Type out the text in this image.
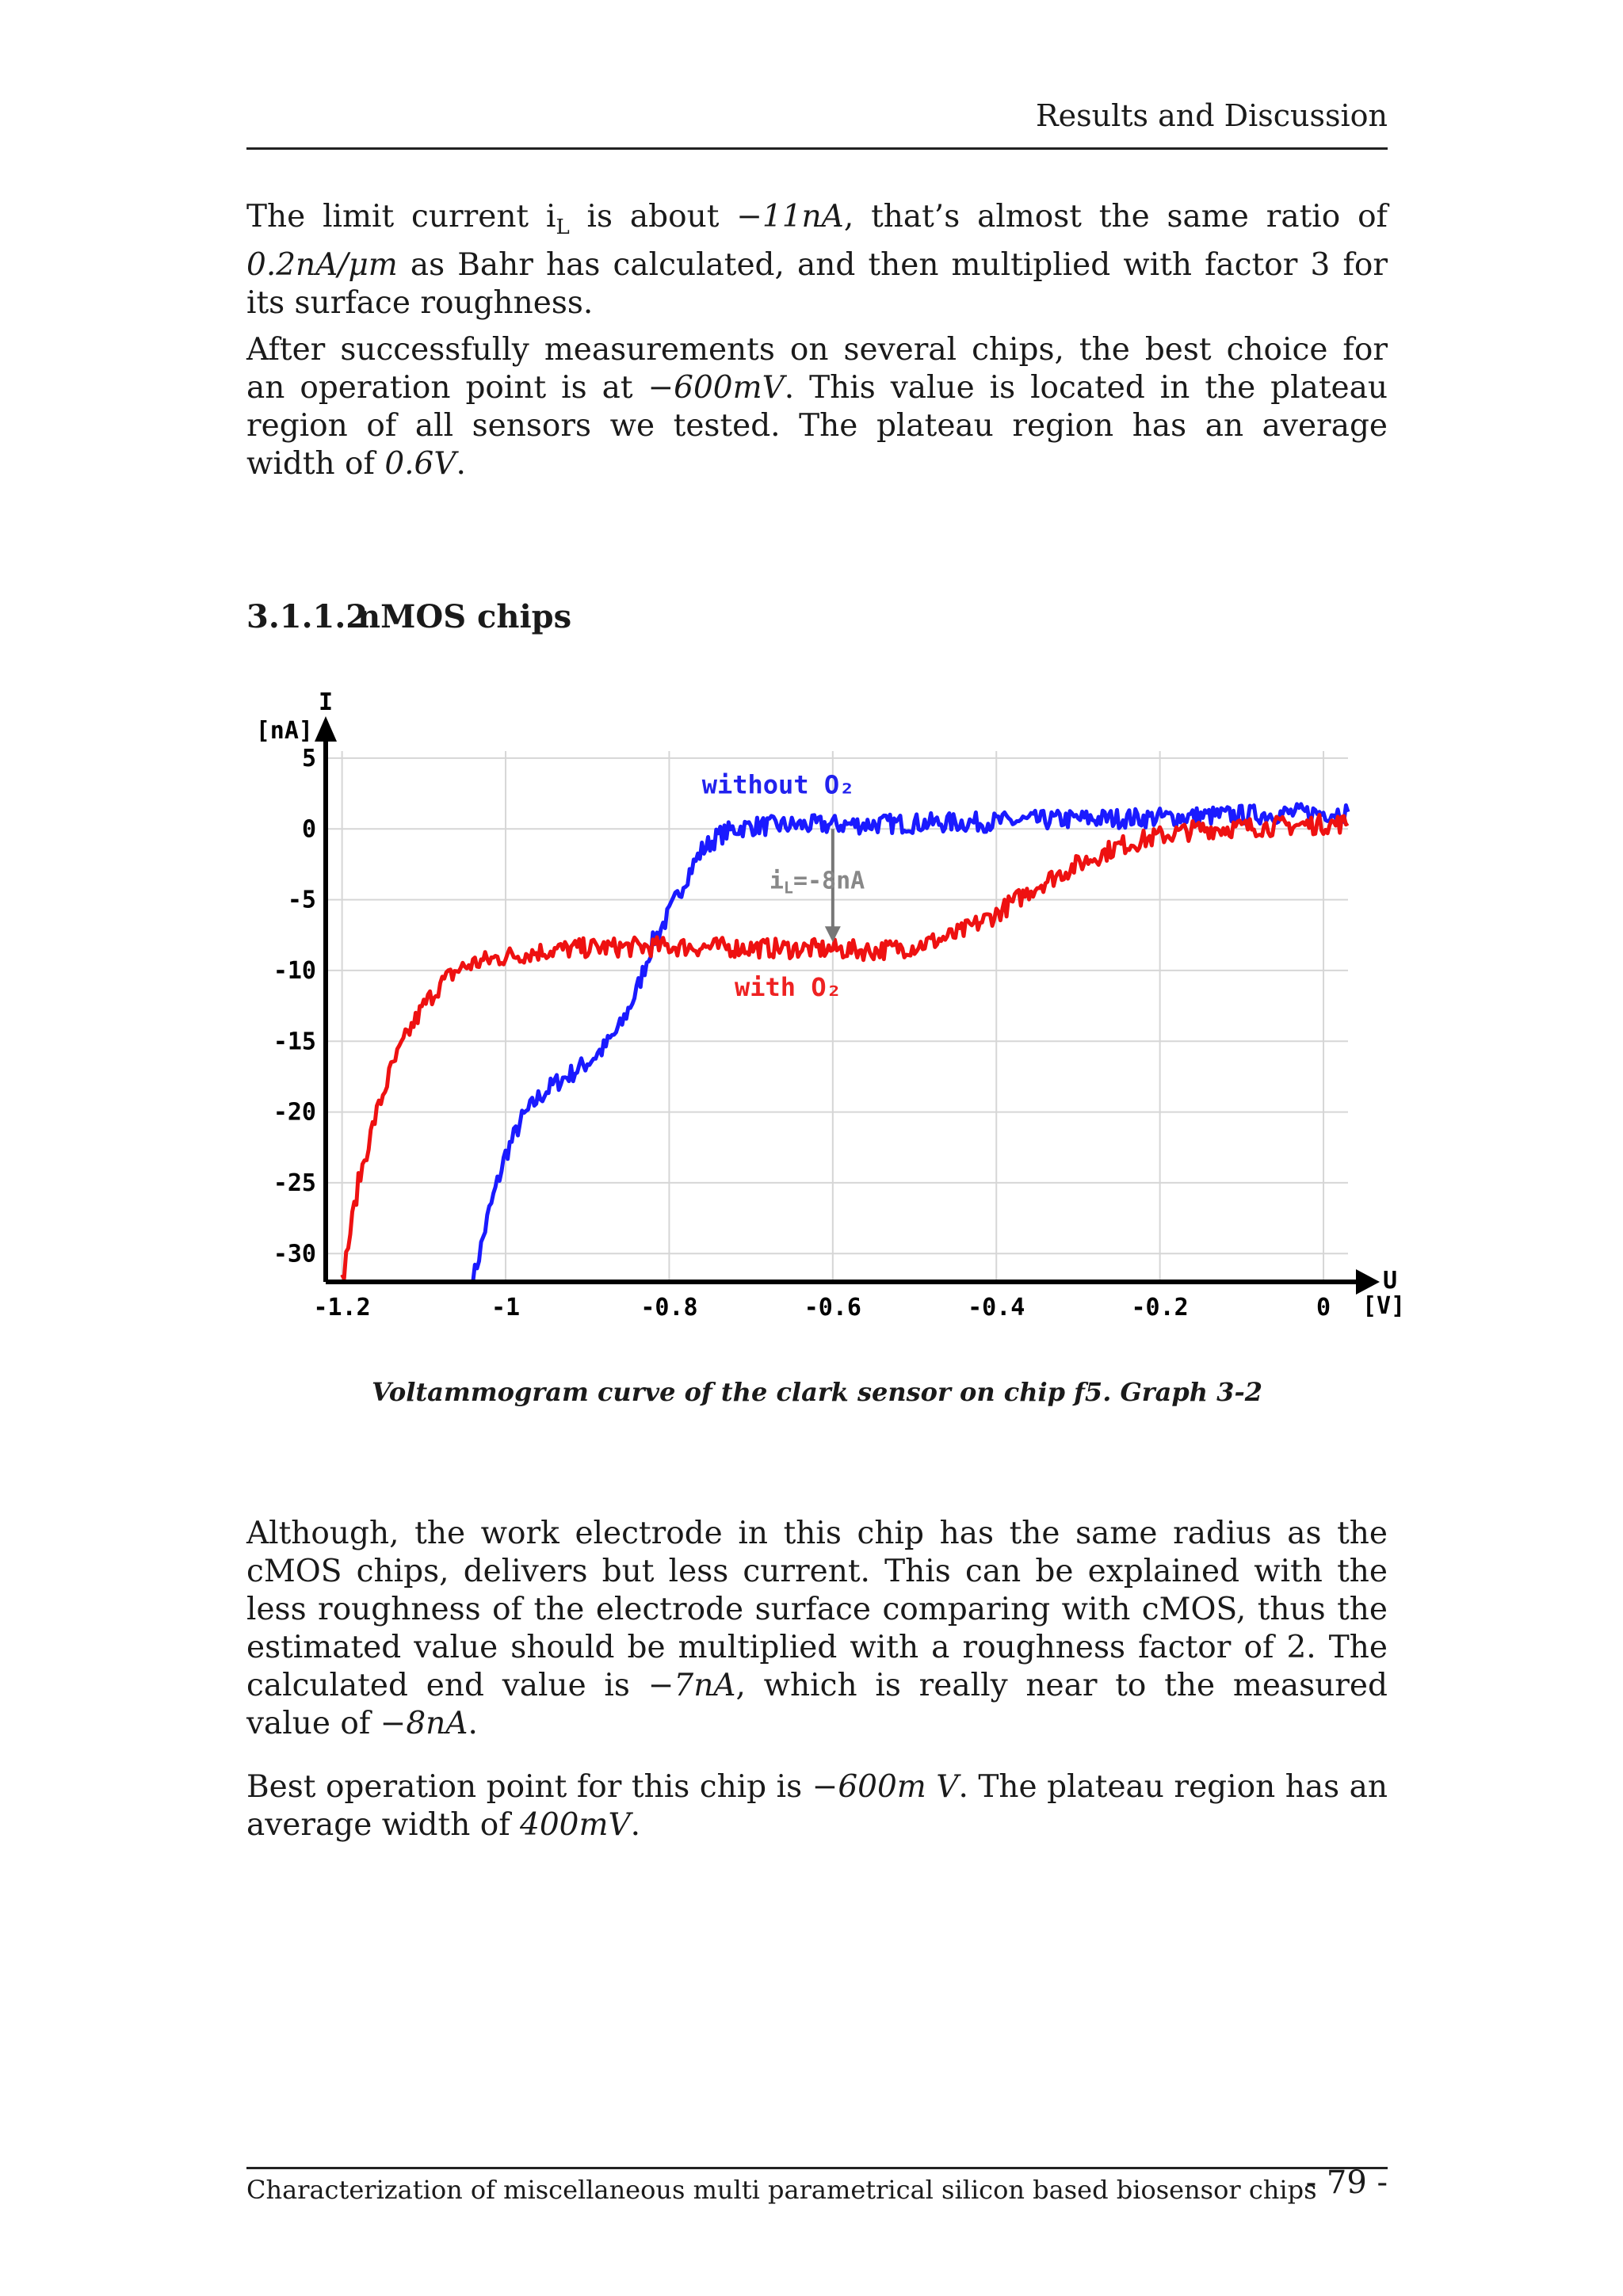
Results and Discussion

The limit current $i_L$ is about −11nA, that’s almost the same ratio of 0.2nA/μm as Bahr has calculated, and then multiplied with factor 3 for its surface roughness.

After successfully measurements on several chips, the best choice for an operation point is at −600mV. This value is located in the plateau region of all sensors we tested. The plateau region has an average width of 0.6V.

3.1.1.2nMOS chips
-1.2	-1	-0.8	-0.6	-0.4	-0.2	0
5
0
-5
-10
-15
-20
-25
-30
I
[nA]
U
[V]
$i_L=-8nA$
without O₂
with O₂
Voltammogram curve of the clark sensor on chip f5. Graph 3-2

Although, the work electrode in this chip has the same radius as the cMOS chips, delivers but less current. This can be explained with the less roughness of the electrode surface comparing with cMOS, thus the estimated value should be multiplied with a roughness factor of 2. The calculated end value is −7nA, which is really near to the measured value of −8nA.

Best operation point for this chip is −600m V. The plateau region has an average width of 400mV.

Characterization of miscellaneous multi parametrical silicon based biosensor chips
- 79 -
